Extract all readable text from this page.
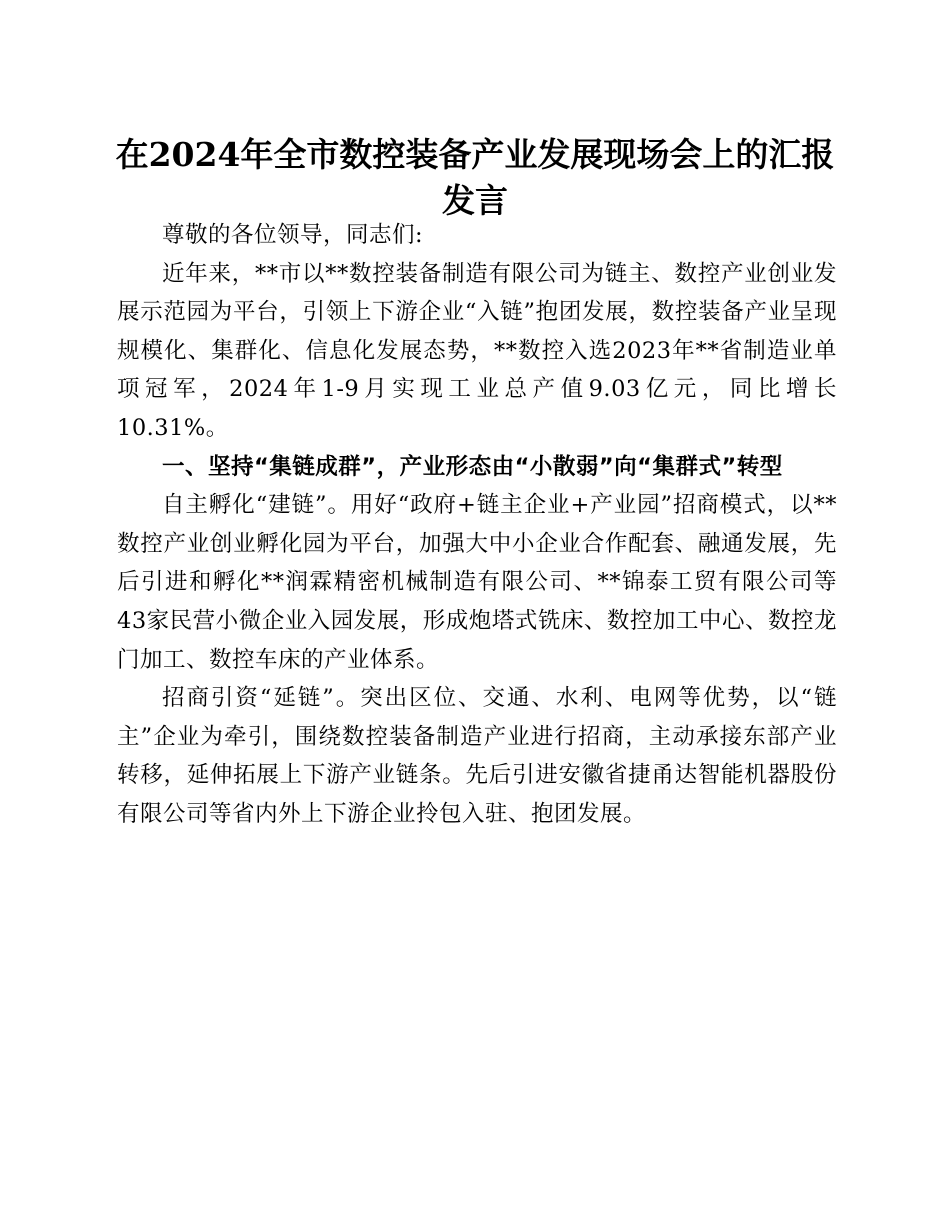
在2024年全市数控装备产业发展现场会上的汇报发言

尊敬的各位领导，同志们:

近年来，**市以**数控装备制造有限公司为链主、数控产业创业发展示范园为平台，引领上下游企业“入链”抱团发展，数控装备产业呈现规模化、集群化、信息化发展态势，**数控入选2023年**省制造业单项冠军，2024年1-9月实现工业总产值9.03亿元，同比增长10.31%。

一、坚持“集链成群”，产业形态由“小散弱”向“集群式”转型

自主孵化“建链”。用好“政府+链主企业+产业园”招商模式，以**数控产业创业孵化园为平台，加强大中小企业合作配套、融通发展，先后引进和孵化**润霖精密机械制造有限公司、**锦泰工贸有限公司等43家民营小微企业入园发展，形成炮塔式铣床、数控加工中心、数控龙门加工、数控车床的产业体系。

招商引资“延链”。突出区位、交通、水利、电网等优势，以“链主”企业为牵引，围绕数控装备制造产业进行招商，主动承接东部产业转移，延伸拓展上下游产业链条。先后引进安徽省捷甬达智能机器股份有限公司等省内外上下游企业拎包入驻、抱团发展。
